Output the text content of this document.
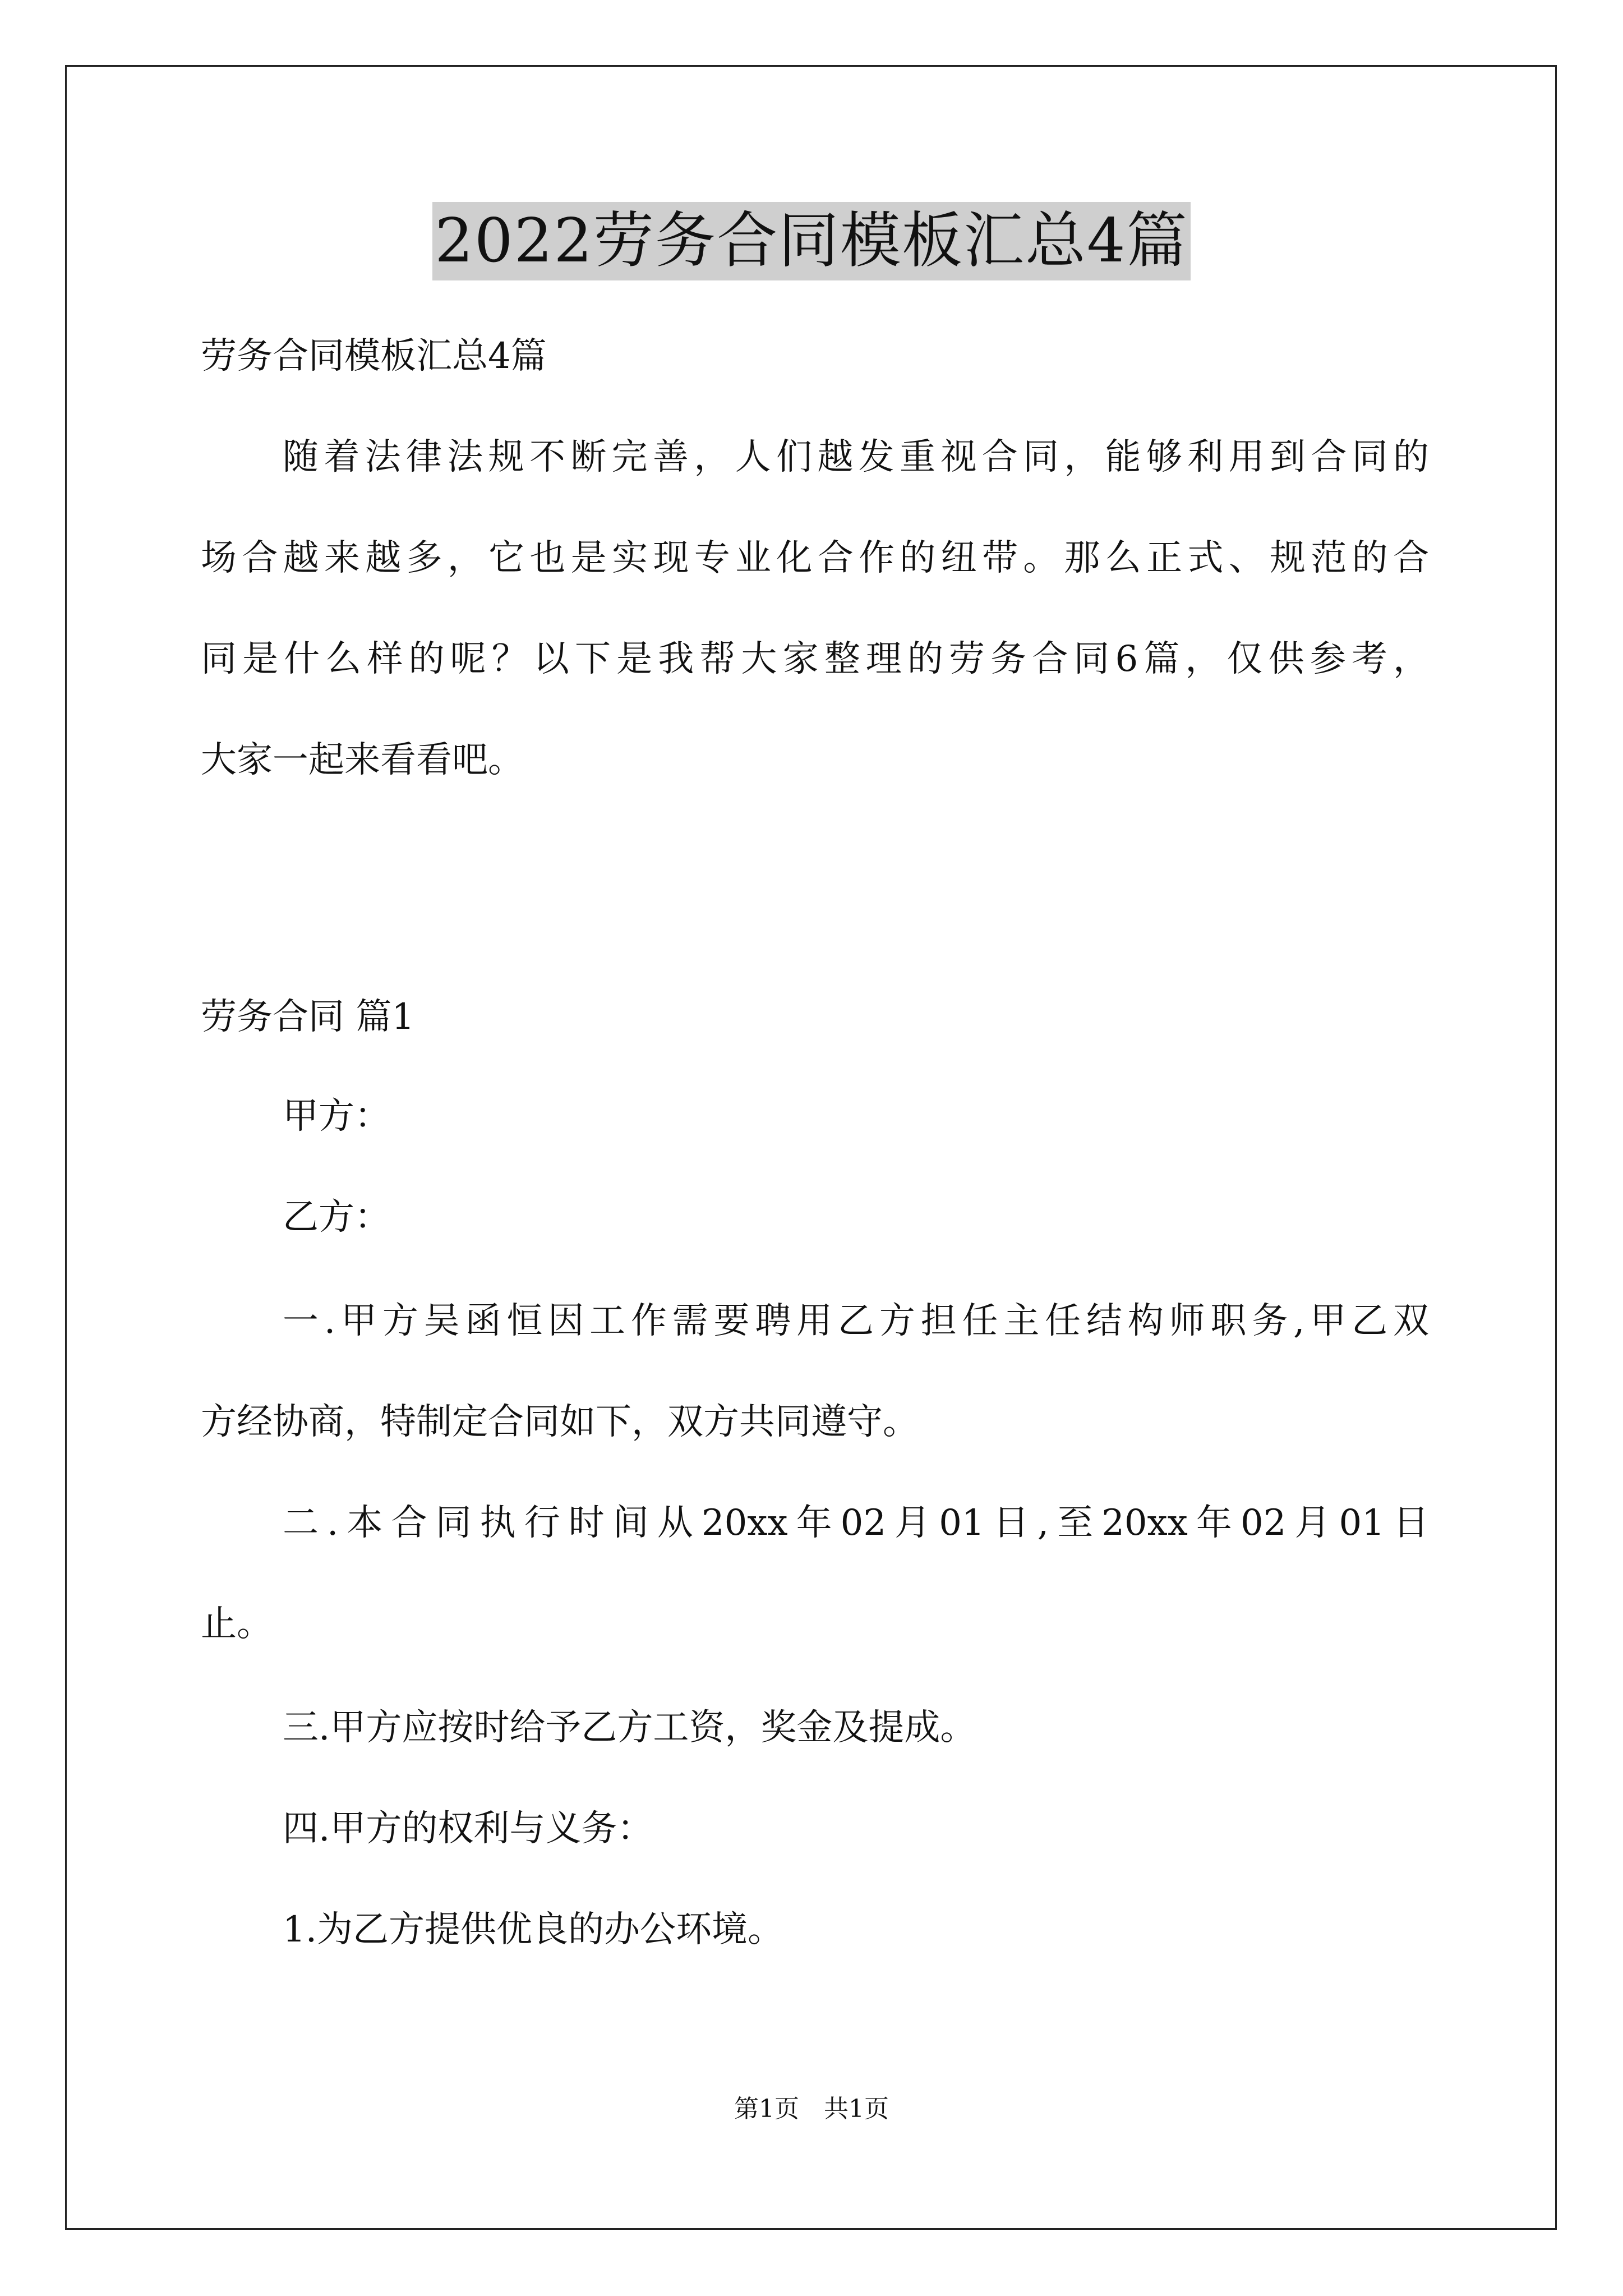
2022劳务合同模板汇总4篇
劳务合同模板汇总4篇
随着法律法规不断完善，人们越发重视合同，能够利用到合同的
场合越来越多，它也是实现专业化合作的纽带。那么正式、规范的合
同是什么样的呢？以下是我帮大家整理的劳务合同6篇，仅供参考，
大家一起来看看吧。
劳务合同 篇1
甲方：
乙方：
一.甲方吴函恒因工作需要聘用乙方担任主任结构师职务,甲乙双
方经协商，特制定合同如下，双方共同遵守。
二.本合同执行时间从20xx年02月01日,至20xx年02月01日
止。
三.甲方应按时给予乙方工资，奖金及提成。
四.甲方的权利与义务：
1.为乙方提供优良的办公环境。
第1页 共1页
